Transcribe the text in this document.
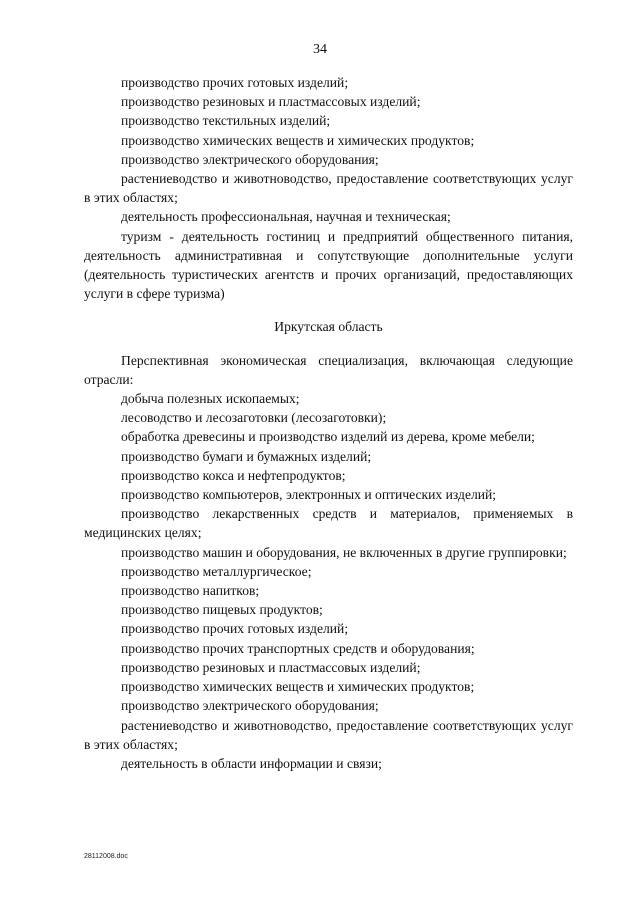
34

производство прочих готовых изделий;

производство резиновых и пластмассовых изделий;

производство текстильных изделий;

производство химических веществ и химических продуктов;

производство электрического оборудования;

растениеводство и животноводство, предоставление соответствующих услуг в этих областях;

деятельность профессиональная, научная и техническая;

туризм - деятельность гостиниц и предприятий общественного питания, деятельность административная и сопутствующие дополнительные услуги (деятельность туристических агентств и прочих организаций, предоставляющих услуги в сфере туризма)

Иркутская область

Перспективная экономическая специализация, включающая следующие отрасли:

добыча полезных ископаемых;

лесоводство и лесозаготовки (лесозаготовки);

обработка древесины и производство изделий из дерева, кроме мебели;

производство бумаги и бумажных изделий;

производство кокса и нефтепродуктов;

производство компьютеров, электронных и оптических изделий;

производство лекарственных средств и материалов, применяемых в медицинских целях;

производство машин и оборудования, не включенных в другие группировки;

производство металлургическое;

производство напитков;

производство пищевых продуктов;

производство прочих готовых изделий;

производство прочих транспортных средств и оборудования;

производство резиновых и пластмассовых изделий;

производство химических веществ и химических продуктов;

производство электрического оборудования;

растениеводство и животноводство, предоставление соответствующих услуг в этих областях;

деятельность в области информации и связи;

28112008.doc
